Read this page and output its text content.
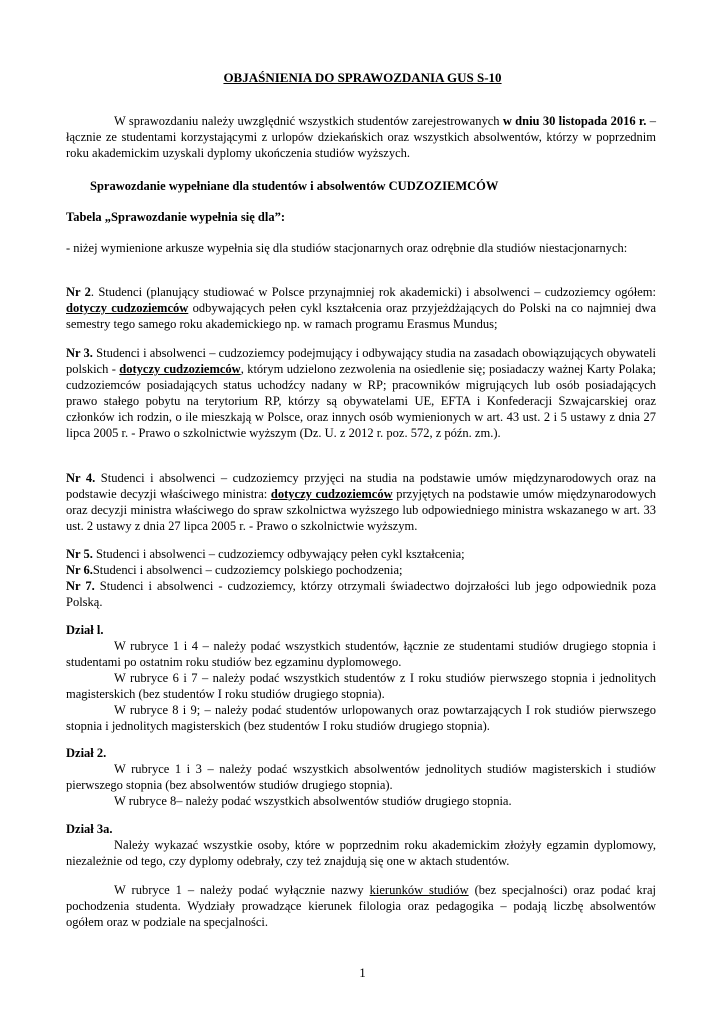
OBJAŚNIENIA DO SPRAWOZDANIA GUS S-10
W sprawozdaniu należy uwzględnić wszystkich studentów zarejestrowanych w dniu 30 listopada 2016 r. – łącznie ze studentami korzystającymi z urlopów dziekańskich oraz wszystkich absolwentów, którzy w poprzednim roku akademickim uzyskali dyplomy ukończenia studiów wyższych.
Sprawozdanie wypełniane dla studentów i absolwentów CUDZOZIEMCÓW
Tabela „Sprawozdanie wypełnia się dla”:
- niżej wymienione arkusze wypełnia się dla studiów stacjonarnych oraz odrębnie dla studiów niestacjonarnych:
Nr 2. Studenci (planujący studiować w Polsce przynajmniej rok akademicki) i absolwenci – cudzoziemcy ogółem: dotyczy cudzoziemców odbywających pełen cykl kształcenia oraz przyjeżdżających do Polski na co najmniej dwa semestry tego samego roku akademickiego np. w ramach programu Erasmus Mundus;
Nr 3. Studenci i absolwenci – cudzoziemcy podejmujący i odbywający studia na zasadach obowiązujących obywateli polskich - dotyczy cudzoziemców, którym udzielono zezwolenia na osiedlenie się; posiadaczy ważnej Karty Polaka; cudzoziemców posiadających status uchodźcy nadany w RP; pracowników migrujących lub osób posiadających prawo stałego pobytu na terytorium RP, którzy są obywatelami UE, EFTA i Konfederacji Szwajcarskiej oraz członków ich rodzin, o ile mieszkają w Polsce, oraz innych osób wymienionych w art. 43 ust. 2 i 5 ustawy z dnia 27 lipca 2005 r. - Prawo o szkolnictwie wyższym (Dz. U. z 2012 r. poz. 572, z późn. zm.).
Nr 4. Studenci i absolwenci – cudzoziemcy przyjęci na studia na podstawie umów międzynarodowych oraz na podstawie decyzji właściwego ministra: dotyczy cudzoziemców przyjętych na podstawie umów międzynarodowych oraz decyzji ministra właściwego do spraw szkolnictwa wyższego lub odpowiedniego ministra wskazanego w art. 33 ust. 2 ustawy z dnia 27 lipca 2005 r. - Prawo o szkolnictwie wyższym.
Nr 5. Studenci i absolwenci – cudzoziemcy odbywający pełen cykl kształcenia;
Nr 6.Studenci i absolwenci – cudzoziemcy polskiego pochodzenia;
Nr 7. Studenci i absolwenci - cudzoziemcy, którzy otrzymali świadectwo dojrzałości lub jego odpowiednik poza Polską.
Dział l.
W rubryce 1 i 4 – należy podać wszystkich studentów, łącznie ze studentami studiów drugiego stopnia i studentami po ostatnim roku studiów bez egzaminu dyplomowego.
W rubryce 6 i 7 – należy podać wszystkich studentów z I roku studiów pierwszego stopnia i jednolitych magisterskich (bez studentów I roku studiów drugiego stopnia).
W rubryce 8 i 9; – należy podać studentów urlopowanych oraz powtarzających I rok studiów pierwszego stopnia i jednolitych magisterskich (bez studentów I roku studiów drugiego stopnia).
Dział 2.
W rubryce 1 i 3 – należy podać wszystkich absolwentów jednolitych studiów magisterskich i studiów pierwszego stopnia (bez absolwentów studiów drugiego stopnia).
W rubryce 8– należy podać wszystkich absolwentów studiów drugiego stopnia.
Dział 3a.
Należy wykazać wszystkie osoby, które w poprzednim roku akademickim złożyły egzamin dyplomowy, niezależnie od tego, czy dyplomy odebrały, czy też znajdują się one w aktach studentów.
W rubryce 1 – należy podać wyłącznie nazwy kierunków studiów (bez specjalności) oraz podać kraj pochodzenia studenta. Wydziały prowadzące kierunek filologia oraz pedagogika – podają liczbę absolwentów ogółem oraz w podziale na specjalności.
1
